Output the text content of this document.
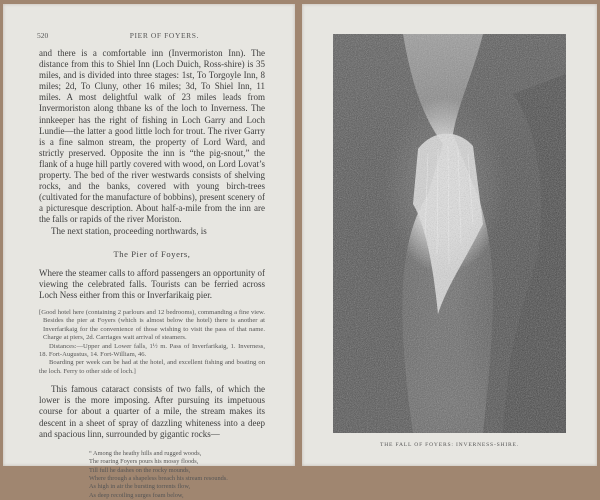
520	PIER OF FOYERS.

and there is a comfortable inn (Invermoriston Inn). The distance from this to Shiel Inn (Loch Duich, Ross-shire) is 35 miles, and is divided into three stages: 1st, To Torgoyle Inn, 8 miles; 2d, To Cluny, other 16 miles; 3d, To Shiel Inn, 11 miles. A most delightful walk of 23 miles leads from Invermoriston along thbane ks of the loch to Inverness. The innkeeper has the right of fishing in Loch Garry and Loch Lundie—the latter a good little loch for trout. The river Garry is a fine salmon stream, the property of Lord Ward, and strictly preserved. Opposite the inn is “the pig-snout,” the flank of a huge hill partly covered with wood, on Lord Lovat’s property. The bed of the river westwards consists of shelving rocks, and the banks, covered with young birch-trees (cultivated for the manufacture of bobbins), present scenery of a picturesque description. About half-a-mile from the inn are the falls or rapids of the river Moriston.

The next station, proceeding northwards, is

The Pier of Foyers,

Where the steamer calls to afford passengers an opportunity of viewing the celebrated falls. Tourists can be ferried across Loch Ness either from this or Inverfarikaig pier.

[Good hotel here (containing 2 parlours and 12 bedrooms), commanding a fine view. Besides the pier at Foyers (which is almost below the hotel) there is another at Inverfarikaig for the convenience of those wishing to visit the pass of that name. Charge at piers, 2d. Carriages wait arrival of steamers.

Distances:—Upper and Lower falls, 1½ m. Pass of Inverfarikaig, 1. Inverness, 18. Fort-Augustus, 14. Fort-William, 46.

Boarding per week can be had at the hotel, and excellent fishing and boating on the loch. Ferry to other side of loch.]

This famous cataract consists of two falls, of which the lower is the more imposing. After pursuing its impetuous course for about a quarter of a mile, the stream makes its descent in a sheet of spray of dazzling whiteness into a deep and spacious linn, surrounded by gigantic rocks—

“ Among the heathy hills and rugged woods,
The roaring Foyers pours his mossy floods,
Till full he dashes on the rocky mounds,
Where through a shapeless breach his stream resounds.
As high in air the bursting torrents flow,
As deep recoiling surges foam below,
THE FALL OF FOYERS: INVERNESS-SHIRE.
